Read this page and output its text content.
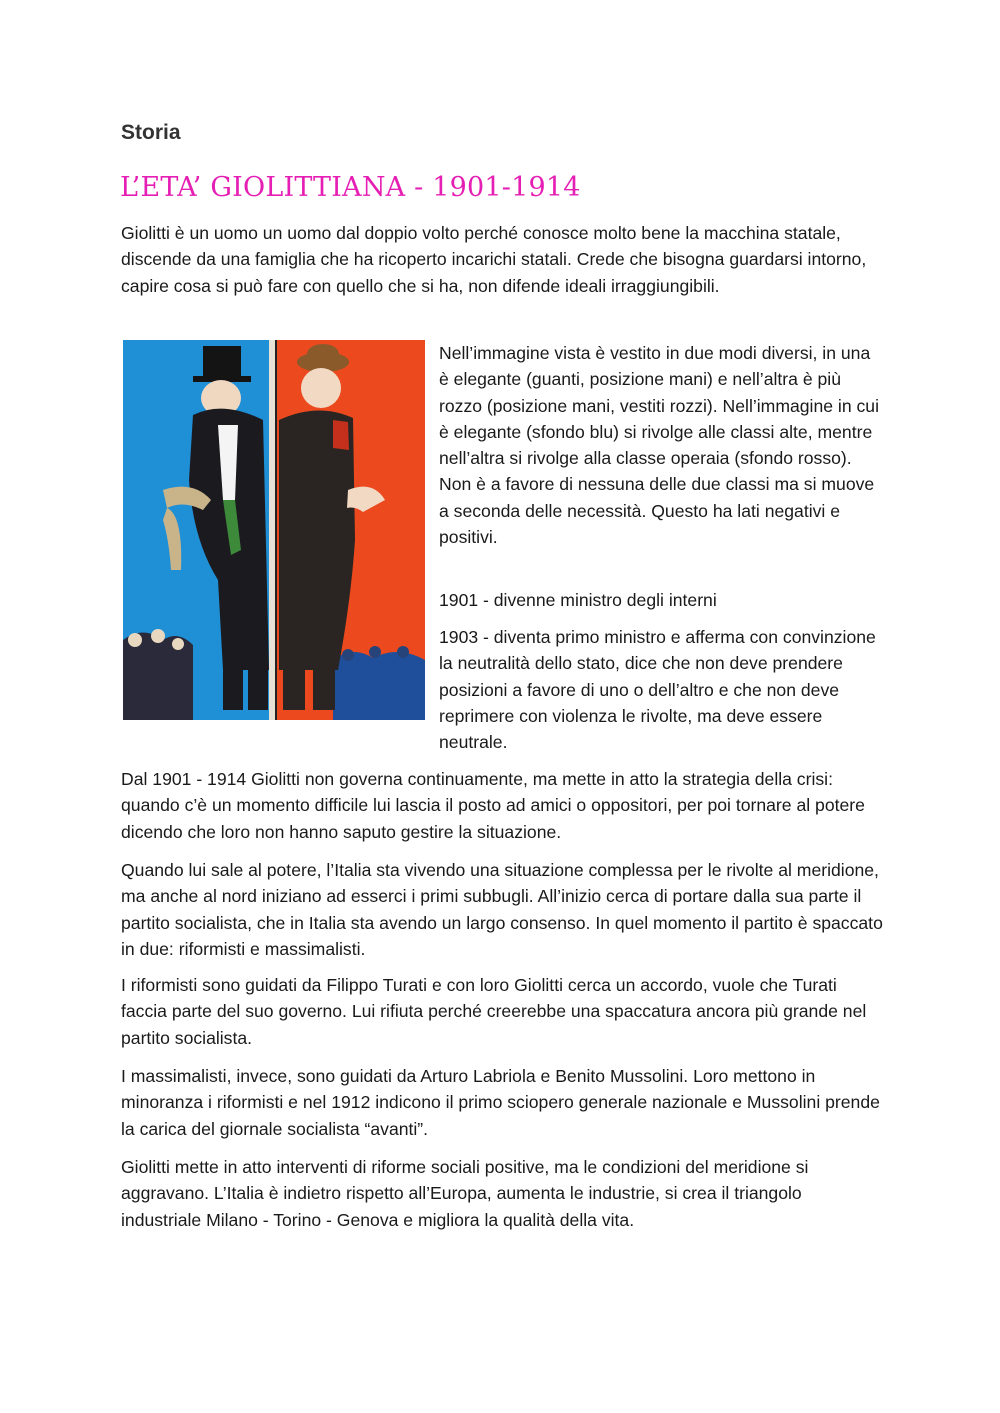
Storia
L’ETA’ GIOLITTIANA - 1901-1914

Giolitti è un uomo un uomo dal doppio volto perché conosce molto bene la macchina statale, discende da una famiglia che ha ricoperto incarichi statali. Crede che bisogna guardarsi intorno, capire cosa si può fare con quello che si ha, non difende ideali irraggiungibili.

Nell’immagine vista è vestito in due modi diversi, in una è elegante (guanti, posizione mani) e nell’altra è più rozzo (posizione mani, vestiti rozzi). Nell’immagine in cui è elegante (sfondo blu) si rivolge alle classi alte, mentre nell’altra si rivolge alla classe operaia (sfondo rosso). Non è a favore di nessuna delle due classi ma si muove a seconda delle necessità. Questo ha lati negativi e positivi.

1901 - divenne ministro degli interni

1903 - diventa primo ministro e afferma con convinzione la neutralità dello stato, dice che non deve prendere posizioni a favore di uno o dell’altro e che non deve reprimere con violenza le rivolte, ma deve essere neutrale.

Dal 1901 - 1914 Giolitti non governa continuamente, ma mette in atto la strategia della crisi: quando c’è un momento difficile lui lascia il posto ad amici o oppositori, per poi tornare al potere dicendo che loro non hanno saputo gestire la situazione.

Quando lui sale al potere, l’Italia sta vivendo una situazione complessa per le rivolte al meridione, ma anche al nord iniziano ad esserci i primi subbugli. All’inizio cerca di portare dalla sua parte il partito socialista, che in Italia sta avendo un largo consenso. In quel momento il partito è spaccato in due: riformisti e massimalisti.

I riformisti sono guidati da Filippo Turati e con loro Giolitti cerca un accordo, vuole che Turati faccia parte del suo governo. Lui rifiuta perché creerebbe una spaccatura ancora più grande nel partito socialista.

I massimalisti, invece, sono guidati da Arturo Labriola e Benito Mussolini. Loro mettono in minoranza i riformisti e nel 1912 indicono il primo sciopero generale nazionale e Mussolini prende la carica del giornale socialista “avanti”.

Giolitti mette in atto interventi di riforme sociali positive, ma le condizioni del meridione si aggravano. L’Italia è indietro rispetto all’Europa, aumenta le industrie, si crea il triangolo industriale Milano - Torino - Genova e migliora la qualità della vita.
